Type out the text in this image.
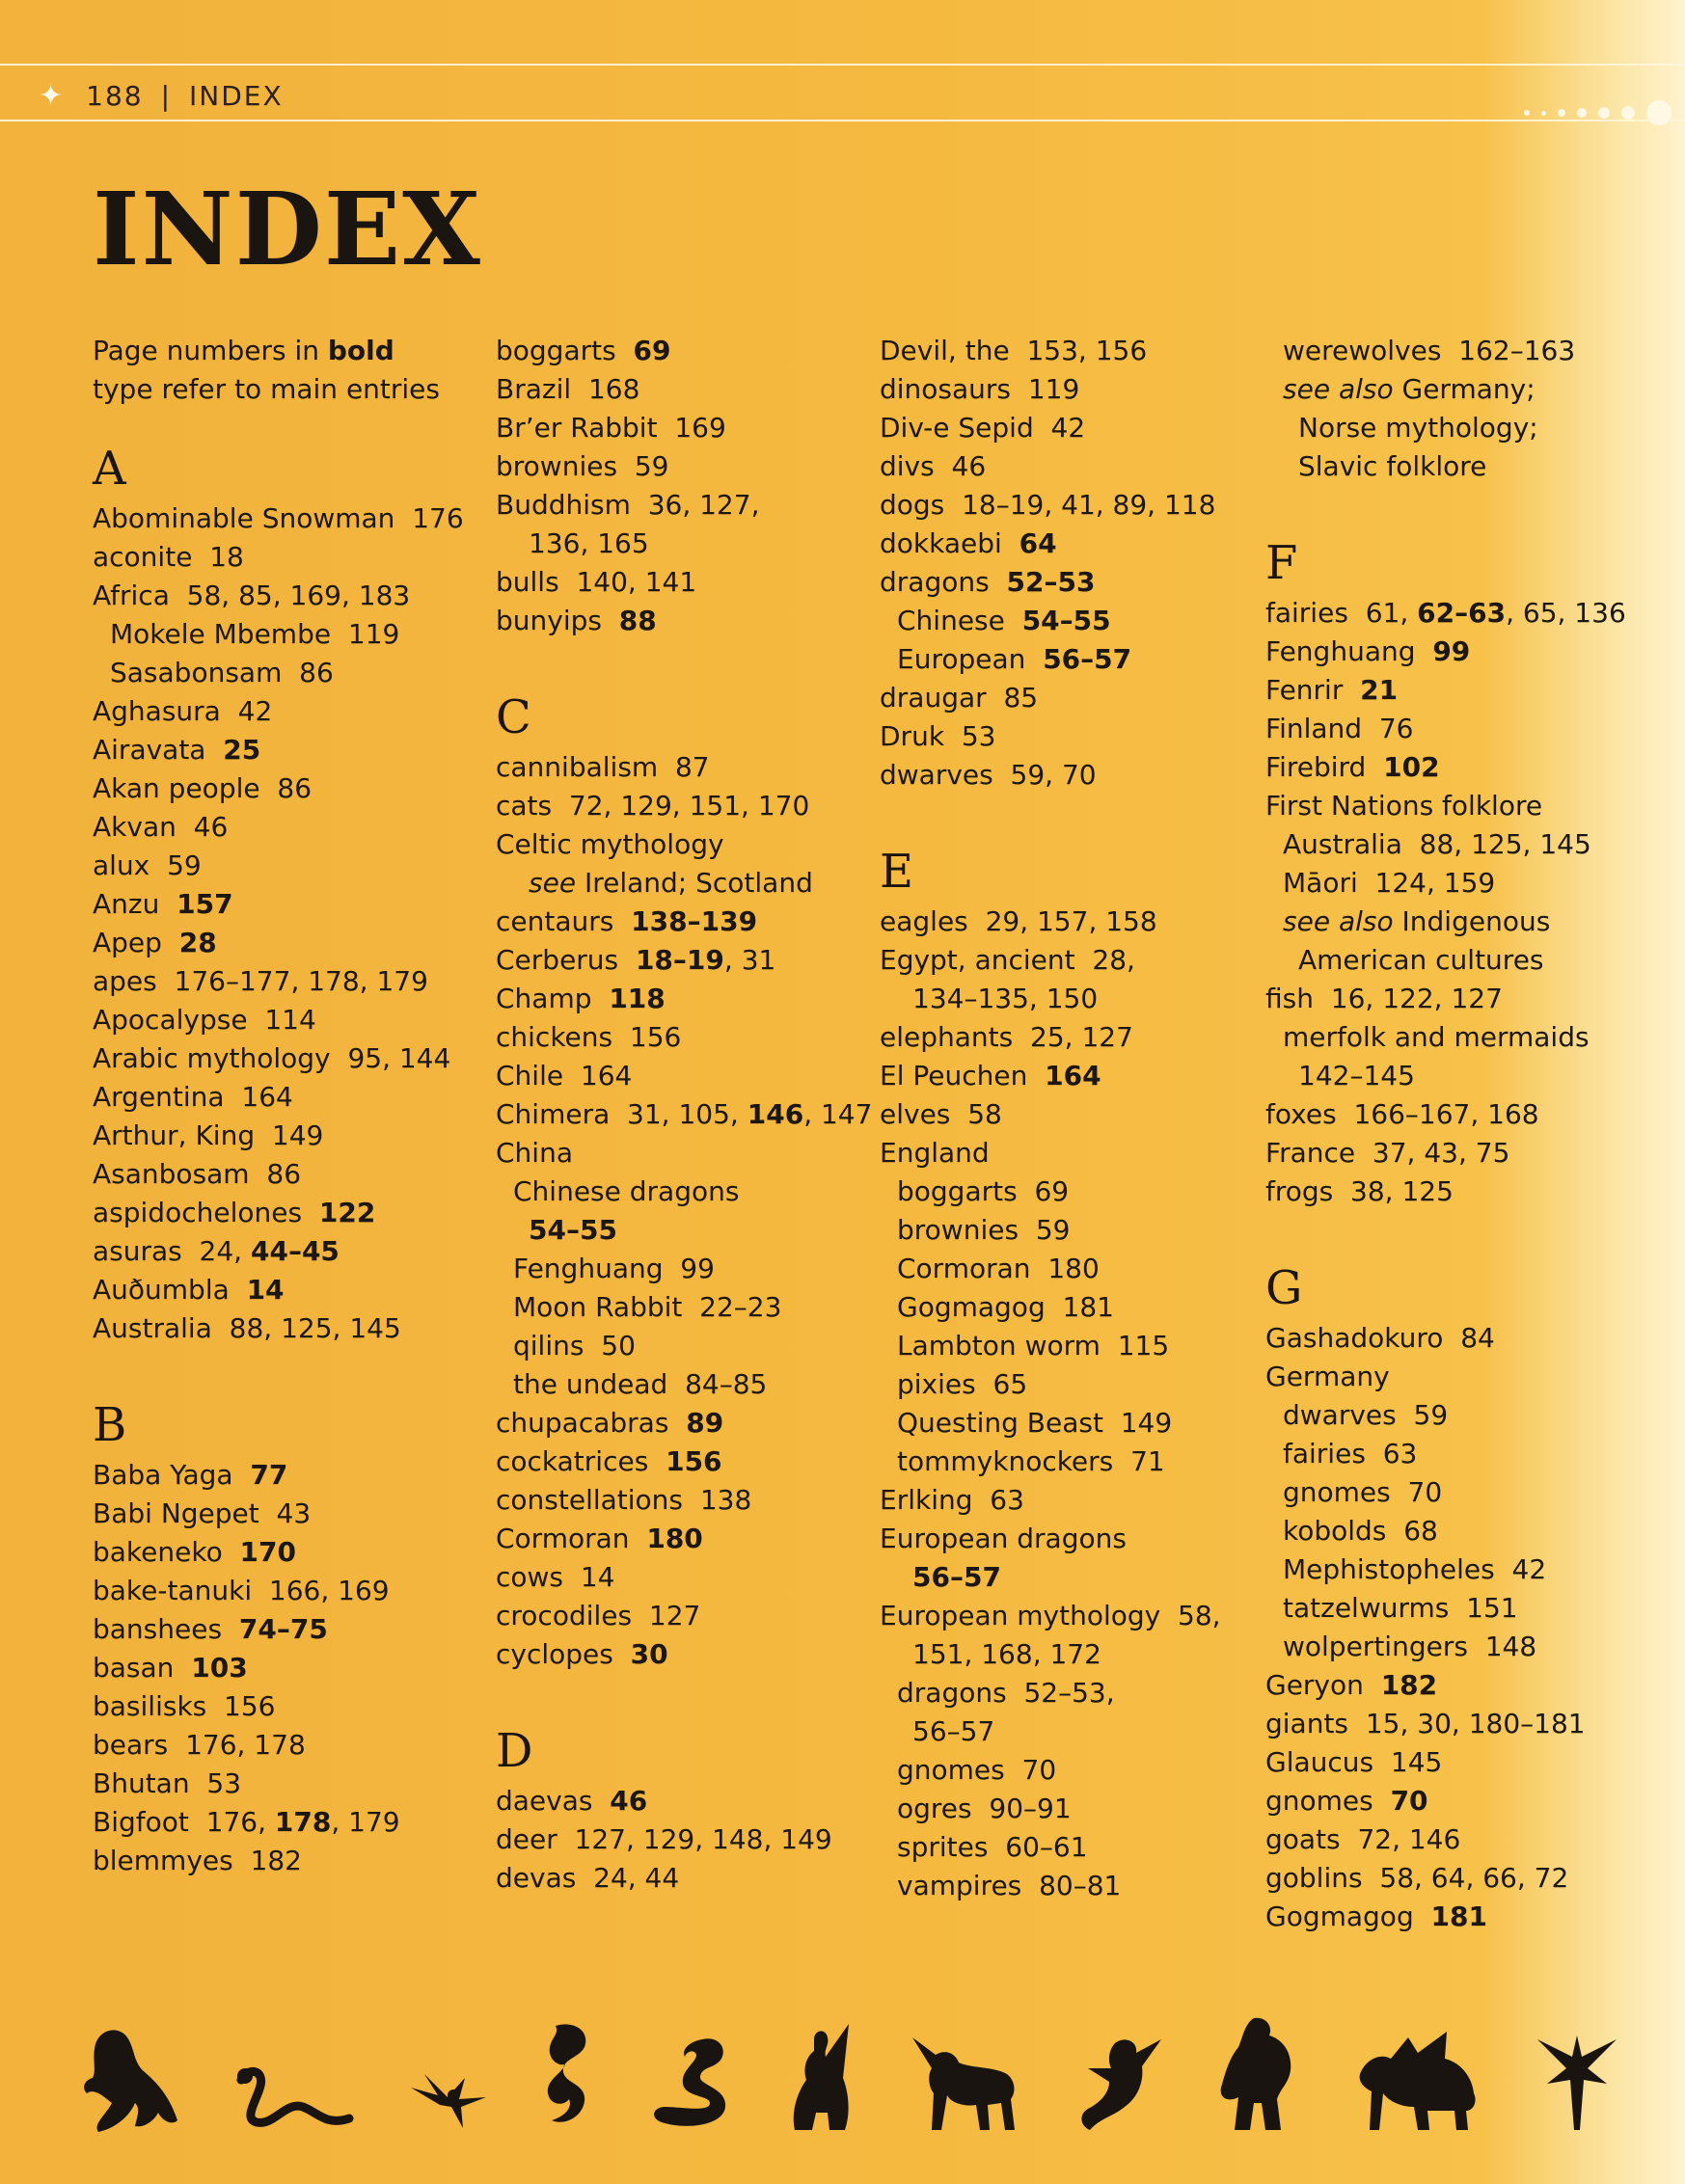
✦ 188 | INDEX
INDEX
Page numbers in bold type refer to main entries
A
Abominable Snowman  176
aconite  18
Africa  58, 85, 169, 183
Mokele Mbembe  119
Sasabonsam  86
Aghasura  42
Airavata 25
Akan people  86
Akvan  46
alux  59
Anzu 157
Apep 28
apes  176–177, 178, 179
Apocalypse  114
Arabic mythology  95, 144
Argentina  164
Arthur, King  149
Asanbosam  86
aspidochelones 122
asuras  24, 44–45
Auðumbla 14
Australia  88, 125, 145
B
Baba Yaga 77
Babi Ngepet  43
bakeneko 170
bake-tanuki  166, 169
banshees 74–75
basan 103
basilisks  156
bears  176, 178
Bhutan  53
Bigfoot  176, 178, 179
blemmyes  182
boggarts 69
Brazil  168
Br’er Rabbit  169
brownies  59
Buddhism  36, 127,
136, 165
bulls  140, 141
bunyips 88
C
cannibalism  87
cats  72, 129, 151, 170
Celtic mythology
see Ireland; Scotland
centaurs 138–139
Cerberus 18–19, 31
Champ 118
chickens  156
Chile  164
Chimera  31, 105, 146, 147
China
Chinese dragons
54–55
Fenghuang  99
Moon Rabbit  22–23
qilins  50
the undead  84–85
chupacabras 89
cockatrices 156
constellations  138
Cormoran 180
cows  14
crocodiles  127
cyclopes 30
D
daevas 46
deer  127, 129, 148, 149
devas  24, 44
Devil, the  153, 156
dinosaurs  119
Div-e Sepid  42
divs  46
dogs  18–19, 41, 89, 118
dokkaebi 64
dragons 52–53
Chinese 54–55
European 56–57
draugar  85
Druk  53
dwarves  59, 70
E
eagles  29, 157, 158
Egypt, ancient  28,
134–135, 150
elephants  25, 127
El Peuchen 164
elves  58
England
boggarts  69
brownies  59
Cormoran  180
Gogmagog  181
Lambton worm  115
pixies  65
Questing Beast  149
tommyknockers  71
Erlking  63
European dragons
56–57
European mythology  58,
151, 168, 172
dragons  52–53,
56–57
gnomes  70
ogres  90–91
sprites  60–61
vampires  80–81
werewolves  162–163
see also Germany;
Norse mythology;
Slavic folklore
F
fairies  61, 62–63, 65, 136
Fenghuang 99
Fenrir 21
Finland  76
Firebird 102
First Nations folklore
Australia  88, 125, 145
Māori  124, 159
see also Indigenous
American cultures
fish  16, 122, 127
merfolk and mermaids
142–145
foxes  166–167, 168
France  37, 43, 75
frogs  38, 125
G
Gashadokuro  84
Germany
dwarves  59
fairies  63
gnomes  70
kobolds  68
Mephistopheles  42
tatzelwurms  151
wolpertingers  148
Geryon 182
giants  15, 30, 180–181
Glaucus  145
gnomes 70
goats  72, 146
goblins  58, 64, 66, 72
Gogmagog 181
